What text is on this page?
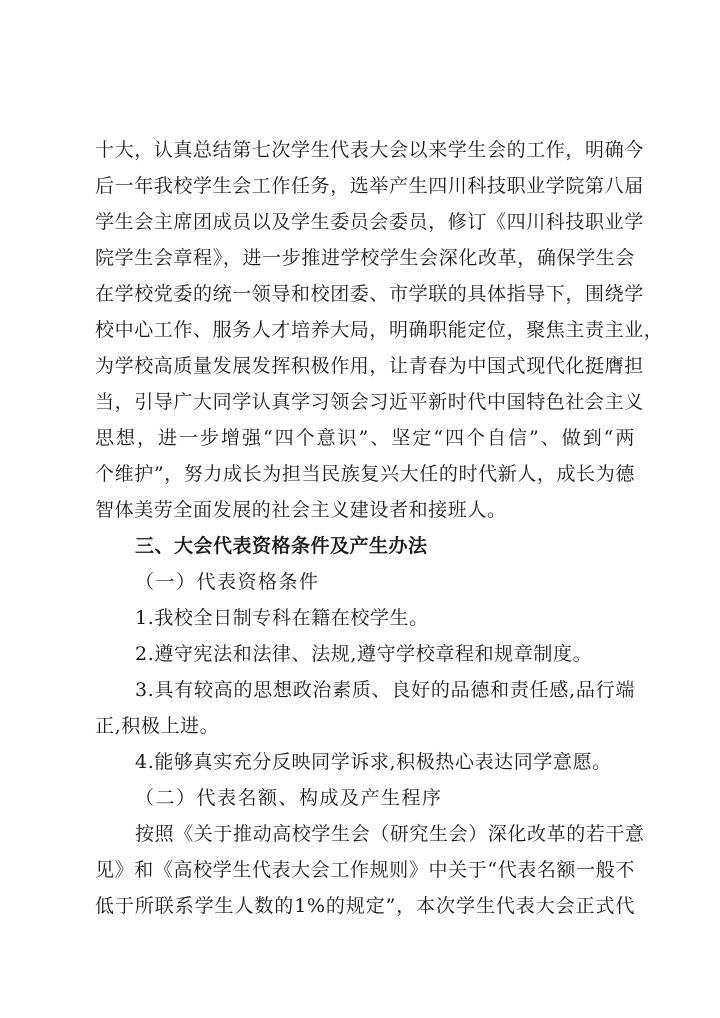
十大，认真总结第七次学生代表大会以来学生会的工作，明确今
后一年我校学生会工作任务，选举产生四川科技职业学院第八届
学生会主席团成员以及学生委员会委员，修订《四川科技职业学
院学生会章程》，进一步推进学校学生会深化改革，确保学生会
在学校党委的统一领导和校团委、市学联的具体指导下，围绕学
校中心工作、服务人才培养大局，明确职能定位，聚焦主责主业，
为学校高质量发展发挥积极作用，让青春为中国式现代化挺膺担
当，引导广大同学认真学习领会习近平新时代中国特色社会主义
思想，进一步增强“四个意识”、坚定“四个自信”、做到“两
个维护”，努力成长为担当民族复兴大任的时代新人，成长为德
智体美劳全面发展的社会主义建设者和接班人。
三、大会代表资格条件及产生办法
（一）代表资格条件
1.我校全日制专科在籍在校学生。
2.遵守宪法和法律、法规,遵守学校章程和规章制度。
3.具有较高的思想政治素质、良好的品德和责任感,品行端
正,积极上进。
4.能够真实充分反映同学诉求,积极热心表达同学意愿。
（二）代表名额、构成及产生程序
按照《关于推动高校学生会（研究生会）深化改革的若干意
见》和《高校学生代表大会工作规则》中关于“代表名额一般不
低于所联系学生人数的1%的规定”，本次学生代表大会正式代
